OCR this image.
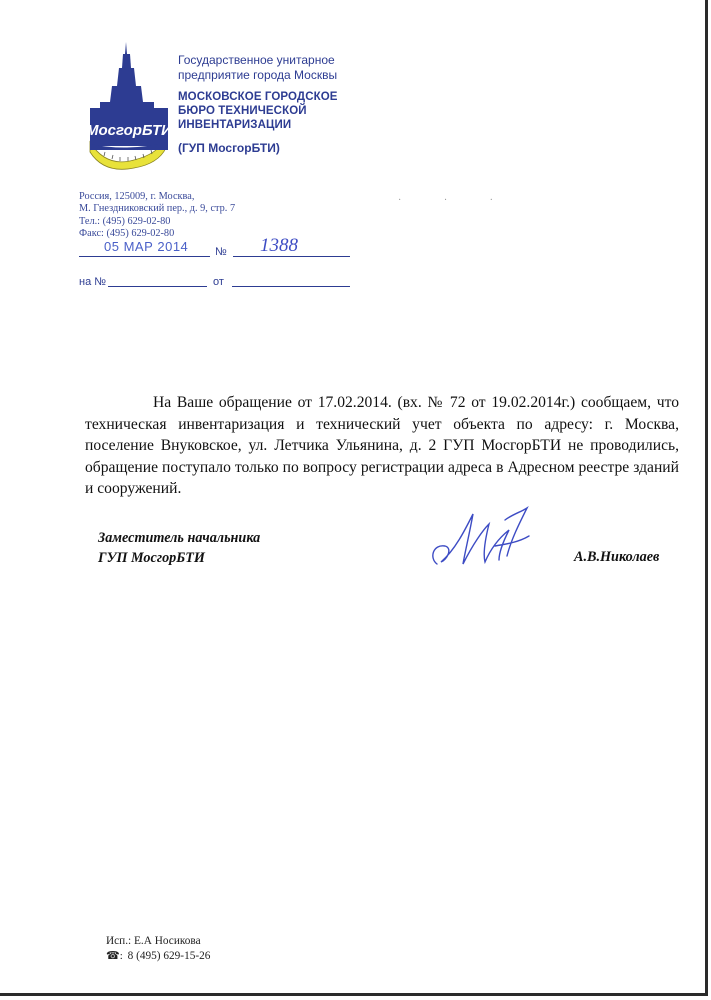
МосгорБТИ
Государственное унитарное
предприятие города Москвы
МОСКОВСКОЕ ГОРОДСКОЕ
БЮРО ТЕХНИЧЕСКОЙ
ИНВЕНТАРИЗАЦИИ
(ГУП МосгорБТИ)
· · ·
Россия, 125009, г. Москва,
М. Гнездниковский пер., д. 9, стр. 7
Тел.: (495) 629-02-80
Факс: (495) 629-02-80
05 МАР 2014 № 1388
на №	от

На Ваше обращение от 17.02.2014. (вх. № 72 от 19.02.2014г.) сообщаем, что техническая инвентаризация и технический учет объекта по адресу: г. Москва, поселение Внуковское, ул. Летчика Ульянина, д. 2 ГУП МосгорБТИ не проводились, обращение поступало только по вопросу регистрации адреса в Адресном реестре зданий и сооружений.

Заместитель начальника
ГУП МосгорБТИ	А.В.Николаев
Исп.: Е.А Носикова
☎: 8 (495) 629-15-26
